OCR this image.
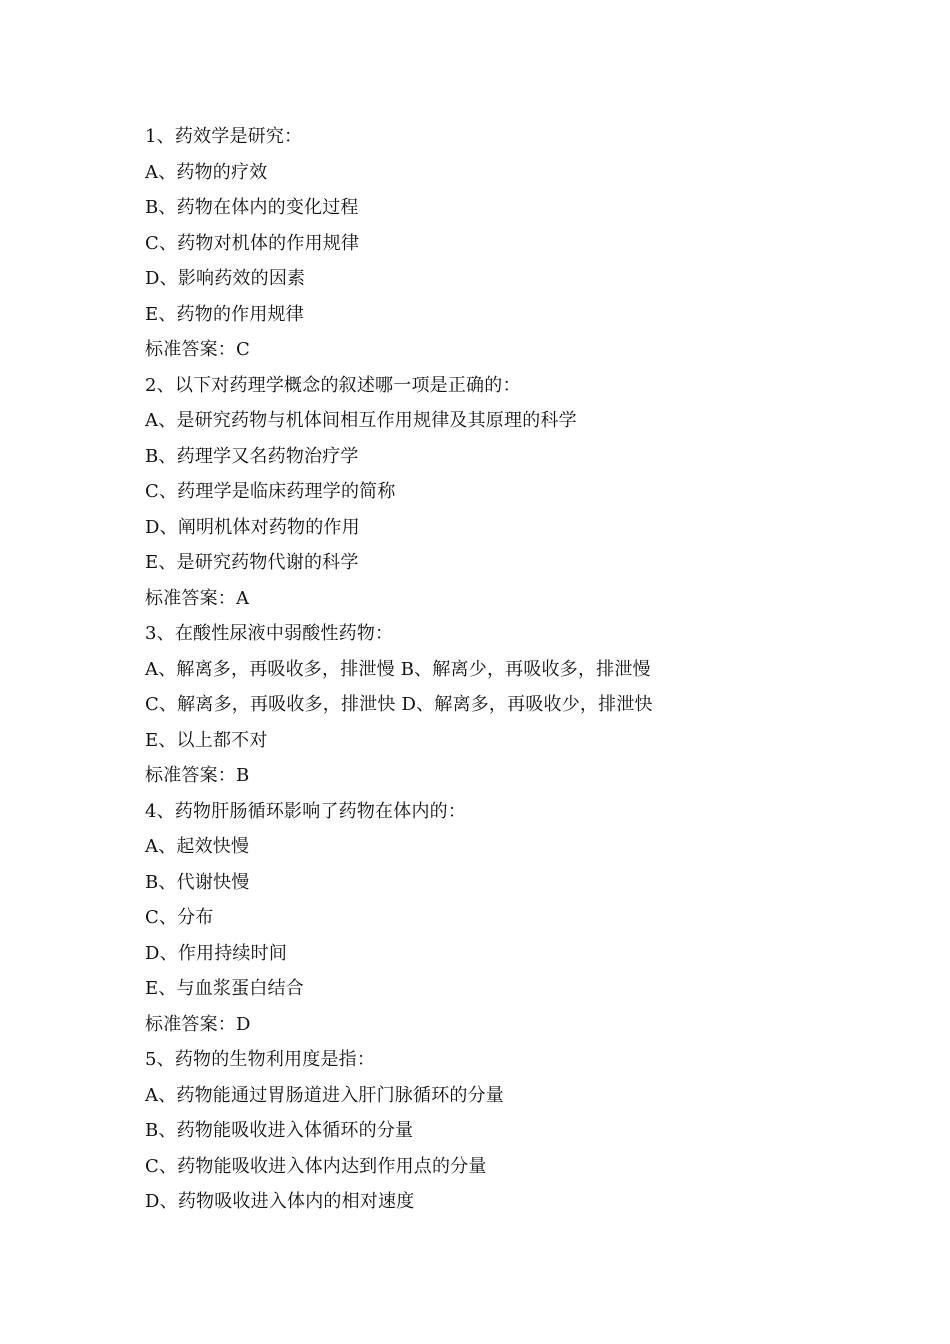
1、药效学是研究：
A、药物的疗效
B、药物在体内的变化过程
C、药物对机体的作用规律
D、影响药效的因素
E、药物的作用规律
标准答案：C
2、以下对药理学概念的叙述哪一项是正确的：
A、是研究药物与机体间相互作用规律及其原理的科学
B、药理学又名药物治疗学
C、药理学是临床药理学的简称
D、阐明机体对药物的作用
E、是研究药物代谢的科学
标准答案：A
3、在酸性尿液中弱酸性药物：
A、解离多，再吸收多，排泄慢 B、解离少，再吸收多，排泄慢
C、解离多，再吸收多，排泄快 D、解离多，再吸收少，排泄快
E、以上都不对
标准答案：B
4、药物肝肠循环影响了药物在体内的：
A、起效快慢
B、代谢快慢
C、分布
D、作用持续时间
E、与血浆蛋白结合
标准答案：D
5、药物的生物利用度是指：
A、药物能通过胃肠道进入肝门脉循环的分量
B、药物能吸收进入体循环的分量
C、药物能吸收进入体内达到作用点的分量
D、药物吸收进入体内的相对速度
